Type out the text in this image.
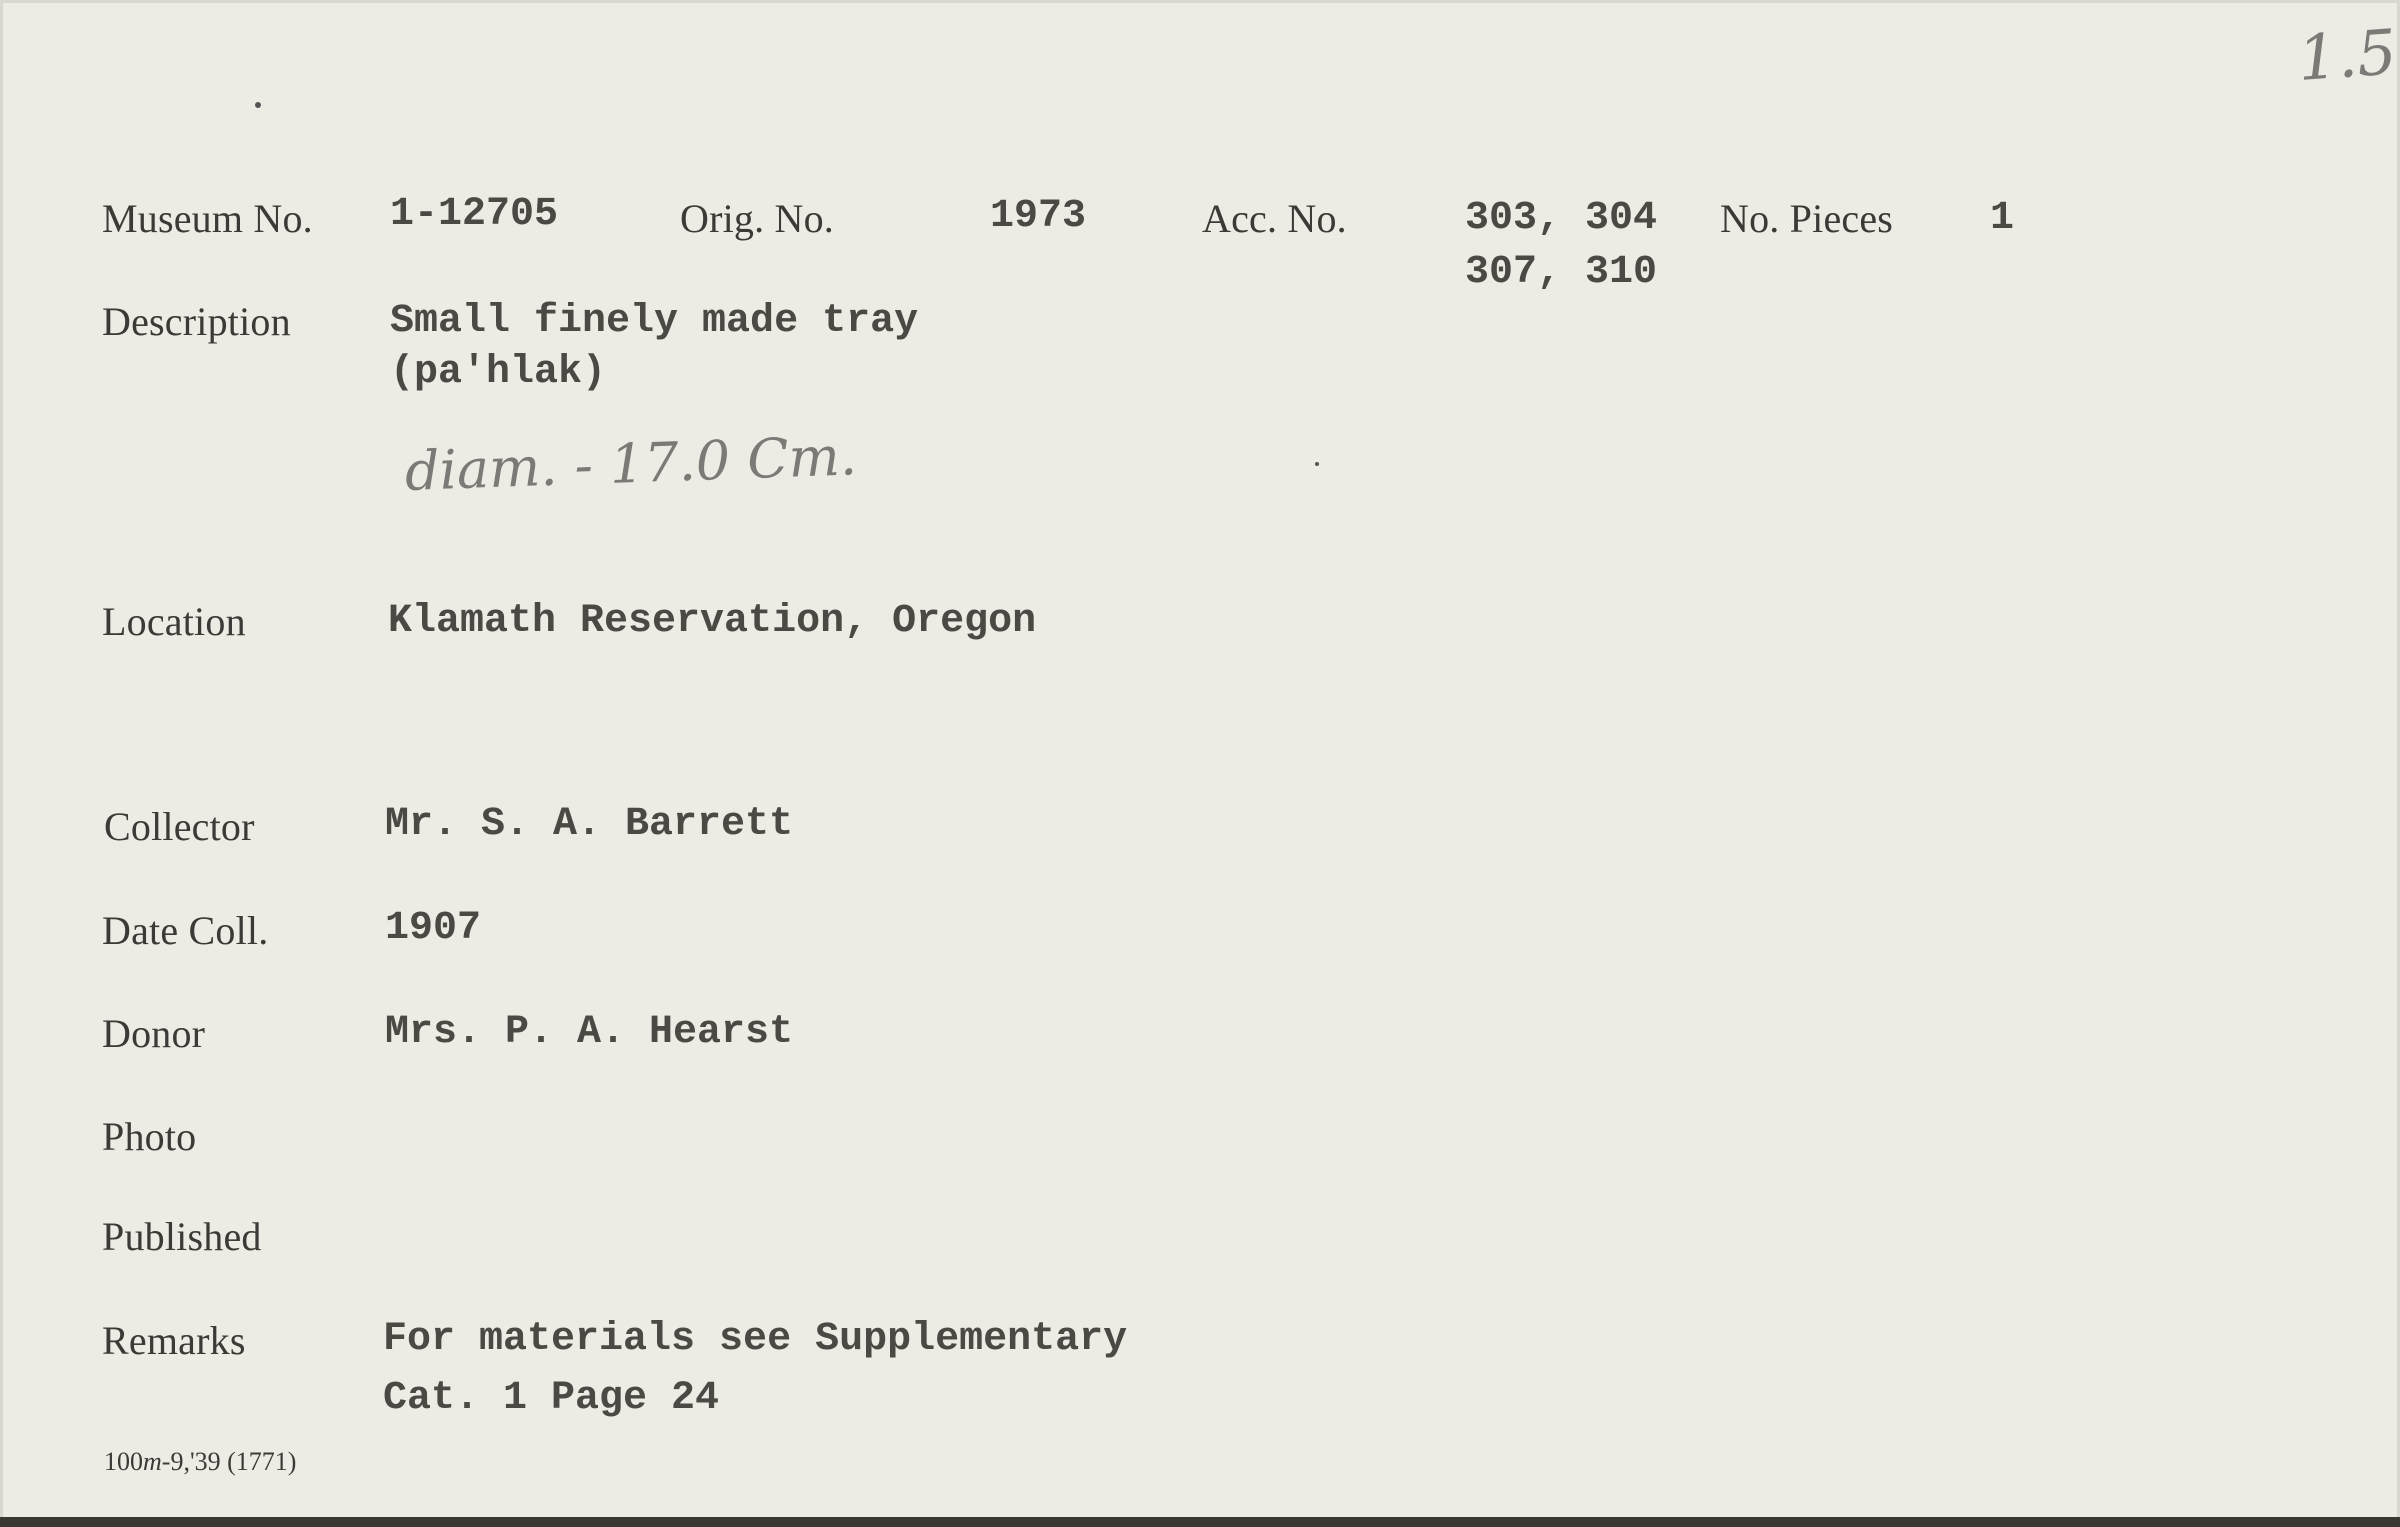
1.5
Museum No. 1-12705	Orig. No.	1973	Acc. No.	303, 304
307, 310
No. Pieces 1
Description Small finely made tray
(pa'hlak)
diam. - 17.0 Cm.
Location	Klamath Reservation, Oregon
Collector	Mr. S. A. Barrett
Date Coll.	1907
Donor	Mrs. P. A. Hearst
Photo
Published
Remarks	For materials see Supplementary
Cat. 1 Page 24
100m-9,'39 (1771)
